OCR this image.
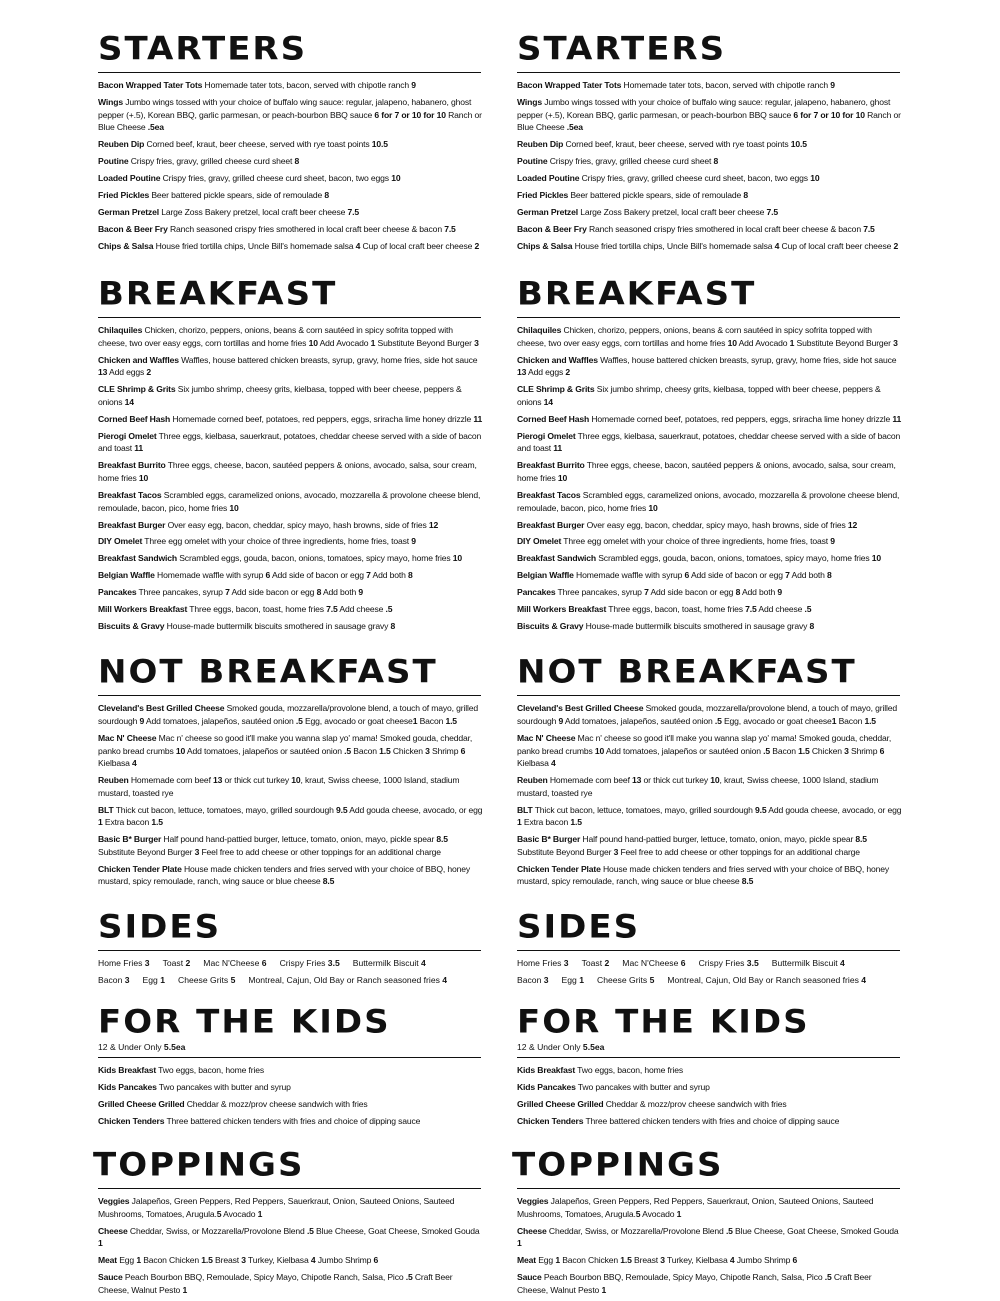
STARTERS
Bacon Wrapped Tater Tots Homemade tater tots, bacon, served with chipotle ranch 9
Wings Jumbo wings tossed with your choice of buffalo wing sauce: regular, jalapeno, habanero, ghost pepper (+.5), Korean BBQ, garlic parmesan, or peach-bourbon BBQ sauce 6 for 7 or 10 for 10 Ranch or Blue Cheese .5ea
Reuben Dip Corned beef, kraut, beer cheese, served with rye toast points 10.5
Poutine Crispy fries, gravy, grilled cheese curd sheet 8
Loaded Poutine Crispy fries, gravy, grilled cheese curd sheet, bacon, two eggs 10
Fried Pickles Beer battered pickle spears, side of remoulade 8
German Pretzel Large Zoss Bakery pretzel, local craft beer cheese 7.5
Bacon & Beer Fry Ranch seasoned crispy fries smothered in local craft beer cheese & bacon 7.5
Chips & Salsa House fried tortilla chips, Uncle Bill's homemade salsa 4 Cup of local craft beer cheese 2
BREAKFAST
Chilaquiles Chicken, chorizo, peppers, onions, beans & corn sautéed in spicy sofrita topped with cheese, two over easy eggs, corn tortillas and home fries 10 Add Avocado 1 Substitute Beyond Burger 3
Chicken and Waffles Waffles, house battered chicken breasts, syrup, gravy, home fries, side hot sauce 13 Add eggs 2
CLE Shrimp & Grits Six jumbo shrimp, cheesy grits, kielbasa, topped with beer cheese, peppers & onions 14
Corned Beef Hash Homemade corned beef, potatoes, red peppers, eggs, sriracha lime honey drizzle 11
Pierogi Omelet Three eggs, kielbasa, sauerkraut, potatoes, cheddar cheese served with a side of bacon and toast 11
Breakfast Burrito Three eggs, cheese, bacon, sautéed peppers & onions, avocado, salsa, sour cream, home fries 10
Breakfast Tacos Scrambled eggs, caramelized onions, avocado, mozzarella & provolone cheese blend, remoulade, bacon, pico, home fries 10
Breakfast Burger Over easy egg, bacon, cheddar, spicy mayo, hash browns, side of fries 12
DIY Omelet Three egg omelet with your choice of three ingredients, home fries, toast 9
Breakfast Sandwich Scrambled eggs, gouda, bacon, onions, tomatoes, spicy mayo, home fries 10
Belgian Waffle Homemade waffle with syrup 6 Add side of bacon or egg 7 Add both 8
Pancakes Three pancakes, syrup 7 Add side bacon or egg 8 Add both 9
Mill Workers Breakfast Three eggs, bacon, toast, home fries 7.5 Add cheese .5
Biscuits & Gravy House-made buttermilk biscuits smothered in sausage gravy 8
NOT BREAKFAST
Cleveland's Best Grilled Cheese Smoked gouda, mozzarella/provolone blend, a touch of mayo, grilled sourdough 9 Add tomatoes, jalapeños, sautéed onion .5 Egg, avocado or goat cheese1 Bacon 1.5
Mac N' Cheese Mac n' cheese so good it'll make you wanna slap yo' mama! Smoked gouda, cheddar, panko bread crumbs 10 Add tomatoes, jalapeños or sautéed onion .5 Bacon 1.5 Chicken 3 Shrimp 6 Kielbasa 4
Reuben Homemade corn beef 13 or thick cut turkey 10, kraut, Swiss cheese, 1000 Island, stadium mustard, toasted rye
BLT Thick cut bacon, lettuce, tomatoes, mayo, grilled sourdough 9.5 Add gouda cheese, avocado, or egg 1 Extra bacon 1.5
Basic B* Burger Half pound hand-pattied burger, lettuce, tomato, onion, mayo, pickle spear 8.5 Substitute Beyond Burger 3 Feel free to add cheese or other toppings for an additional charge
Chicken Tender Plate House made chicken tenders and fries served with your choice of BBQ, honey mustard, spicy remoulade, ranch, wing sauce or blue cheese 8.5
SIDES
Home Fries 3 Toast 2 Mac N'Cheese 6 Crispy Fries 3.5 Buttermilk Biscuit 4
Bacon 3 Egg 1 Cheese Grits 5 Montreal, Cajun, Old Bay or Ranch seasoned fries 4
FOR THE KIDS
12 & Under Only 5.5ea
Kids Breakfast Two eggs, bacon, home fries
Kids Pancakes Two pancakes with butter and syrup
Grilled Cheese Grilled Cheddar & mozz/prov cheese sandwich with fries
Chicken Tenders Three battered chicken tenders with fries and choice of dipping sauce
TOPPINGS
Veggies Jalapeños, Green Peppers, Red Peppers, Sauerkraut, Onion, Sauteed Onions, Sauteed Mushrooms, Tomatoes, Arugula.5 Avocado 1
Cheese Cheddar, Swiss, or Mozzarella/Provolone Blend .5 Blue Cheese, Goat Cheese, Smoked Gouda 1
Meat Egg 1 Bacon Chicken 1.5 Breast 3 Turkey, Kielbasa 4 Jumbo Shrimp 6
Sauce Peach Bourbon BBQ, Remoulade, Spicy Mayo, Chipotle Ranch, Salsa, Pico .5 Craft Beer Cheese, Walnut Pesto 1
STARTERS
Bacon Wrapped Tater Tots Homemade tater tots, bacon, served with chipotle ranch 9
Wings Jumbo wings tossed with your choice of buffalo wing sauce: regular, jalapeno, habanero, ghost pepper (+.5), Korean BBQ, garlic parmesan, or peach-bourbon BBQ sauce 6 for 7 or 10 for 10 Ranch or Blue Cheese .5ea
Reuben Dip Corned beef, kraut, beer cheese, served with rye toast points 10.5
Poutine Crispy fries, gravy, grilled cheese curd sheet 8
Loaded Poutine Crispy fries, gravy, grilled cheese curd sheet, bacon, two eggs 10
Fried Pickles Beer battered pickle spears, side of remoulade 8
German Pretzel Large Zoss Bakery pretzel, local craft beer cheese 7.5
Bacon & Beer Fry Ranch seasoned crispy fries smothered in local craft beer cheese & bacon 7.5
Chips & Salsa House fried tortilla chips, Uncle Bill's homemade salsa 4 Cup of local craft beer cheese 2
BREAKFAST
Chilaquiles Chicken, chorizo, peppers, onions, beans & corn sautéed in spicy sofrita topped with cheese, two over easy eggs, corn tortillas and home fries 10 Add Avocado 1 Substitute Beyond Burger 3
Chicken and Waffles Waffles, house battered chicken breasts, syrup, gravy, home fries, side hot sauce 13 Add eggs 2
CLE Shrimp & Grits Six jumbo shrimp, cheesy grits, kielbasa, topped with beer cheese, peppers & onions 14
Corned Beef Hash Homemade corned beef, potatoes, red peppers, eggs, sriracha lime honey drizzle 11
Pierogi Omelet Three eggs, kielbasa, sauerkraut, potatoes, cheddar cheese served with a side of bacon and toast 11
Breakfast Burrito Three eggs, cheese, bacon, sautéed peppers & onions, avocado, salsa, sour cream, home fries 10
Breakfast Tacos Scrambled eggs, caramelized onions, avocado, mozzarella & provolone cheese blend, remoulade, bacon, pico, home fries 10
Breakfast Burger Over easy egg, bacon, cheddar, spicy mayo, hash browns, side of fries 12
DIY Omelet Three egg omelet with your choice of three ingredients, home fries, toast 9
Breakfast Sandwich Scrambled eggs, gouda, bacon, onions, tomatoes, spicy mayo, home fries 10
Belgian Waffle Homemade waffle with syrup 6 Add side of bacon or egg 7 Add both 8
Pancakes Three pancakes, syrup 7 Add side bacon or egg 8 Add both 9
Mill Workers Breakfast Three eggs, bacon, toast, home fries 7.5 Add cheese .5
Biscuits & Gravy House-made buttermilk biscuits smothered in sausage gravy 8
NOT BREAKFAST
Cleveland's Best Grilled Cheese Smoked gouda, mozzarella/provolone blend, a touch of mayo, grilled sourdough 9 Add tomatoes, jalapeños, sautéed onion .5 Egg, avocado or goat cheese1 Bacon 1.5
Mac N' Cheese Mac n' cheese so good it'll make you wanna slap yo' mama! Smoked gouda, cheddar, panko bread crumbs 10 Add tomatoes, jalapeños or sautéed onion .5 Bacon 1.5 Chicken 3 Shrimp 6 Kielbasa 4
Reuben Homemade corn beef 13 or thick cut turkey 10, kraut, Swiss cheese, 1000 Island, stadium mustard, toasted rye
BLT Thick cut bacon, lettuce, tomatoes, mayo, grilled sourdough 9.5 Add gouda cheese, avocado, or egg 1 Extra bacon 1.5
Basic B* Burger Half pound hand-pattied burger, lettuce, tomato, onion, mayo, pickle spear 8.5 Substitute Beyond Burger 3 Feel free to add cheese or other toppings for an additional charge
Chicken Tender Plate House made chicken tenders and fries served with your choice of BBQ, honey mustard, spicy remoulade, ranch, wing sauce or blue cheese 8.5
SIDES
Home Fries 3 Toast 2 Mac N'Cheese 6 Crispy Fries 3.5 Buttermilk Biscuit 4
Bacon 3 Egg 1 Cheese Grits 5 Montreal, Cajun, Old Bay or Ranch seasoned fries 4
FOR THE KIDS
12 & Under Only 5.5ea
Kids Breakfast Two eggs, bacon, home fries
Kids Pancakes Two pancakes with butter and syrup
Grilled Cheese Grilled Cheddar & mozz/prov cheese sandwich with fries
Chicken Tenders Three battered chicken tenders with fries and choice of dipping sauce
TOPPINGS
Veggies Jalapeños, Green Peppers, Red Peppers, Sauerkraut, Onion, Sauteed Onions, Sauteed Mushrooms, Tomatoes, Arugula.5 Avocado 1
Cheese Cheddar, Swiss, or Mozzarella/Provolone Blend .5 Blue Cheese, Goat Cheese, Smoked Gouda 1
Meat Egg 1 Bacon Chicken 1.5 Breast 3 Turkey, Kielbasa 4 Jumbo Shrimp 6
Sauce Peach Bourbon BBQ, Remoulade, Spicy Mayo, Chipotle Ranch, Salsa, Pico .5 Craft Beer Cheese, Walnut Pesto 1
